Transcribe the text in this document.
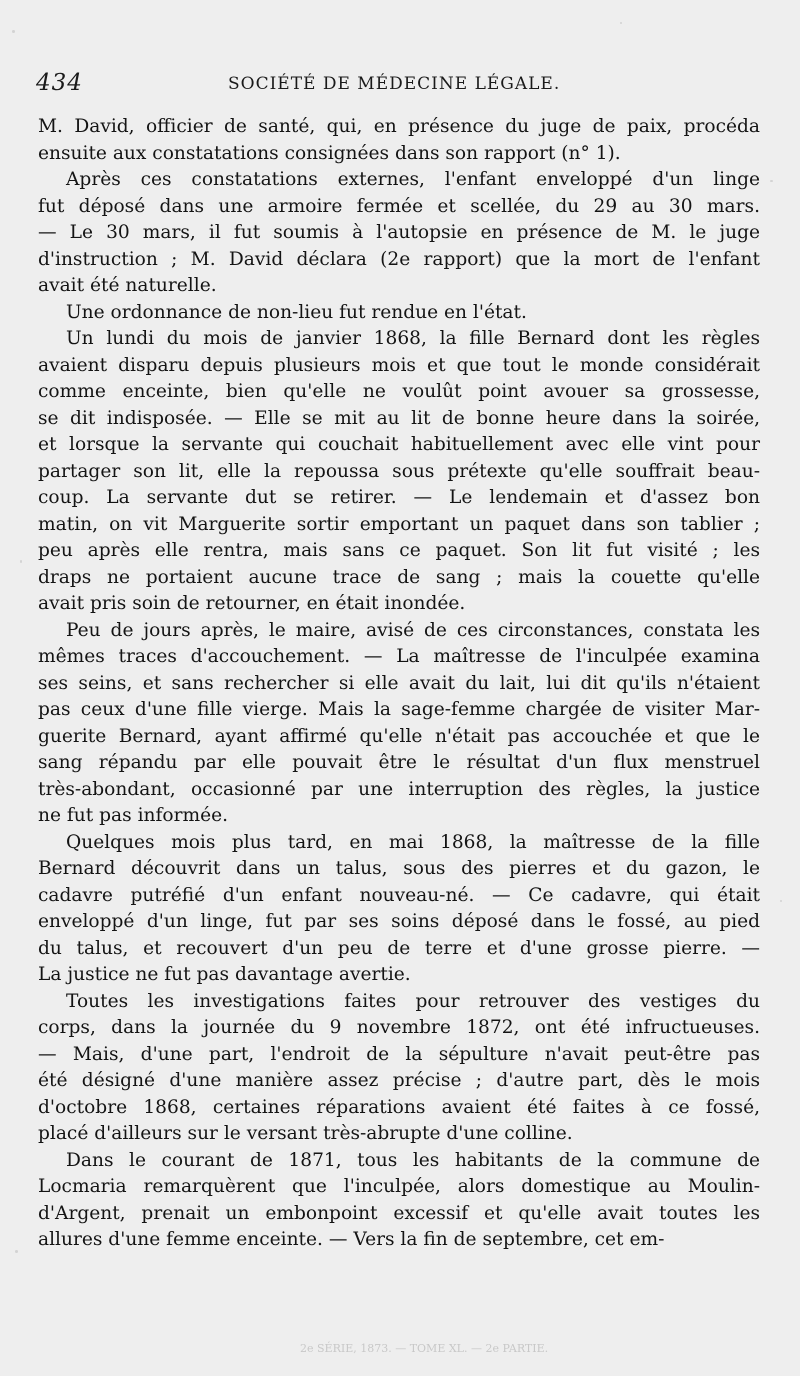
434	SOCIÉTÉ DE MÉDECINE LÉGALE.
M. David, officier de santé, qui, en présence du juge de paix, procéda
ensuite aux constatations consignées dans son rapport (n° 1).
Après ces constatations externes, l'enfant enveloppé d'un linge
fut déposé dans une armoire fermée et scellée, du 29 au 30 mars.
— Le 30 mars, il fut soumis à l'autopsie en présence de M. le juge
d'instruction ; M. David déclara (2e rapport) que la mort de l'enfant
avait été naturelle.
Une ordonnance de non-lieu fut rendue en l'état.
Un lundi du mois de janvier 1868, la fille Bernard dont les règles
avaient disparu depuis plusieurs mois et que tout le monde considérait
comme enceinte, bien qu'elle ne voulût point avouer sa grossesse,
se dit indisposée. — Elle se mit au lit de bonne heure dans la soirée,
et lorsque la servante qui couchait habituellement avec elle vint pour
partager son lit, elle la repoussa sous prétexte qu'elle souffrait beau-
coup. La servante dut se retirer. — Le lendemain et d'assez bon
matin, on vit Marguerite sortir emportant un paquet dans son tablier ;
peu après elle rentra, mais sans ce paquet. Son lit fut visité ; les
draps ne portaient aucune trace de sang ; mais la couette qu'elle
avait pris soin de retourner, en était inondée.
Peu de jours après, le maire, avisé de ces circonstances, constata les
mêmes traces d'accouchement. — La maîtresse de l'inculpée examina
ses seins, et sans rechercher si elle avait du lait, lui dit qu'ils n'étaient
pas ceux d'une fille vierge. Mais la sage-femme chargée de visiter Mar-
guerite Bernard, ayant affirmé qu'elle n'était pas accouchée et que le
sang répandu par elle pouvait être le résultat d'un flux menstruel
très-abondant, occasionné par une interruption des règles, la justice
ne fut pas informée.
Quelques mois plus tard, en mai 1868, la maîtresse de la fille
Bernard découvrit dans un talus, sous des pierres et du gazon, le
cadavre putréfié d'un enfant nouveau-né. — Ce cadavre, qui était
enveloppé d'un linge, fut par ses soins déposé dans le fossé, au pied
du talus, et recouvert d'un peu de terre et d'une grosse pierre. —
La justice ne fut pas davantage avertie.
Toutes les investigations faites pour retrouver des vestiges du
corps, dans la journée du 9 novembre 1872, ont été infructueuses.
— Mais, d'une part, l'endroit de la sépulture n'avait peut-être pas
été désigné d'une manière assez précise ; d'autre part, dès le mois
d'octobre 1868, certaines réparations avaient été faites à ce fossé,
placé d'ailleurs sur le versant très-abrupte d'une colline.
Dans le courant de 1871, tous les habitants de la commune de
Locmaria remarquèrent que l'inculpée, alors domestique au Moulin-
d'Argent, prenait un embonpoint excessif et qu'elle avait toutes les
allures d'une femme enceinte. — Vers la fin de septembre, cet em-
2e SÉRIE, 1873. — TOME XL. — 2e PARTIE.
